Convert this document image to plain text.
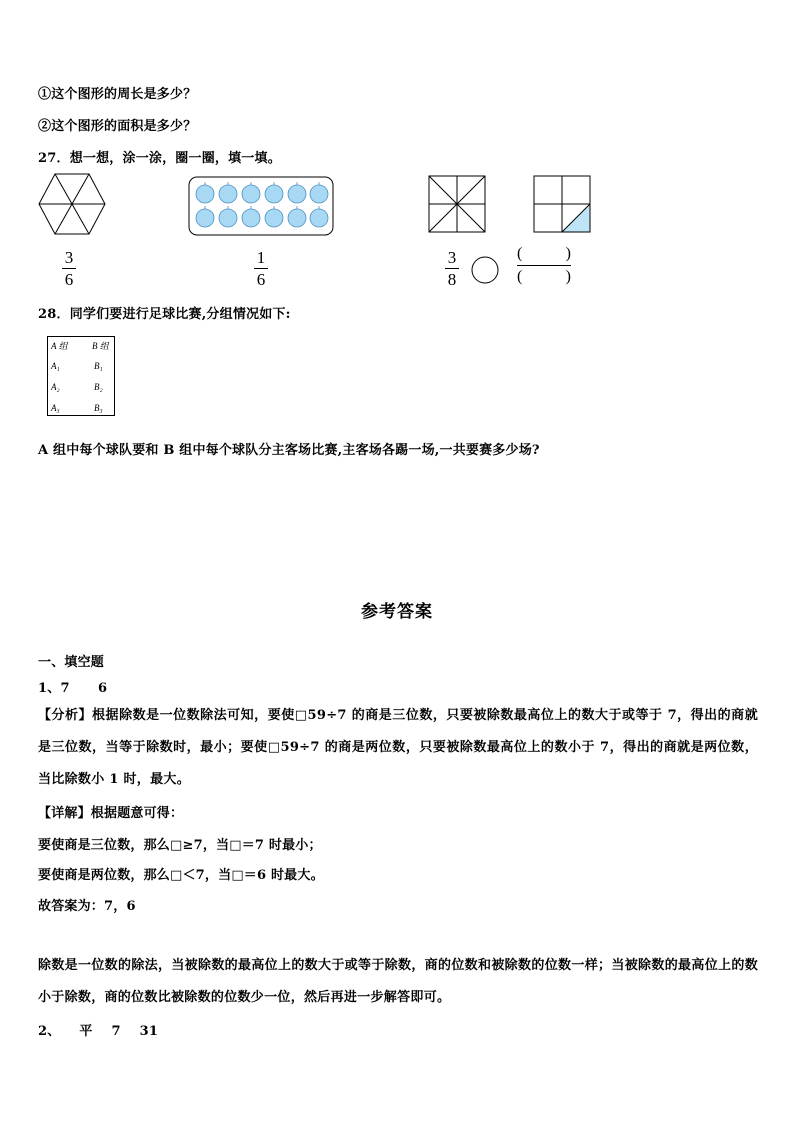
①这个图形的周长是多少？
②这个图形的面积是多少？
27．想一想，涂一涂，圈一圈，填一填。
3
6
1
6
3
8
(	)
(	)
28．同学们要进行足球比赛,分组情况如下:
A 组	B 组
A₁	B₁
A₂	B₂
A₃	B₃
A 组中每个球队要和 B 组中每个球队分主客场比赛,主客场各踢一场,一共要赛多少场?
参考答案
一、填空题
1、7      6
【分析】根据除数是一位数除法可知，要使□59÷7 的商是三位数，只要被除数最高位上的数大于或等于 7，得出的商就是三位数，当等于除数时，最小；要使□59÷7 的商是两位数，只要被除数最高位上的数小于 7，得出的商就是两位数，当比除数小 1 时，最大。
【详解】根据题意可得：
要使商是三位数，那么□≥7，当□＝7 时最小；
要使商是两位数，那么□＜7，当□＝6 时最大。
故答案为：7，6
除数是一位数的除法，当被除数的最高位上的数大于或等于除数，商的位数和被除数的位数一样；当被除数的最高位上的数小于除数，商的位数比被除数的位数少一位，然后再进一步解答即可。
2、    平    7    31
